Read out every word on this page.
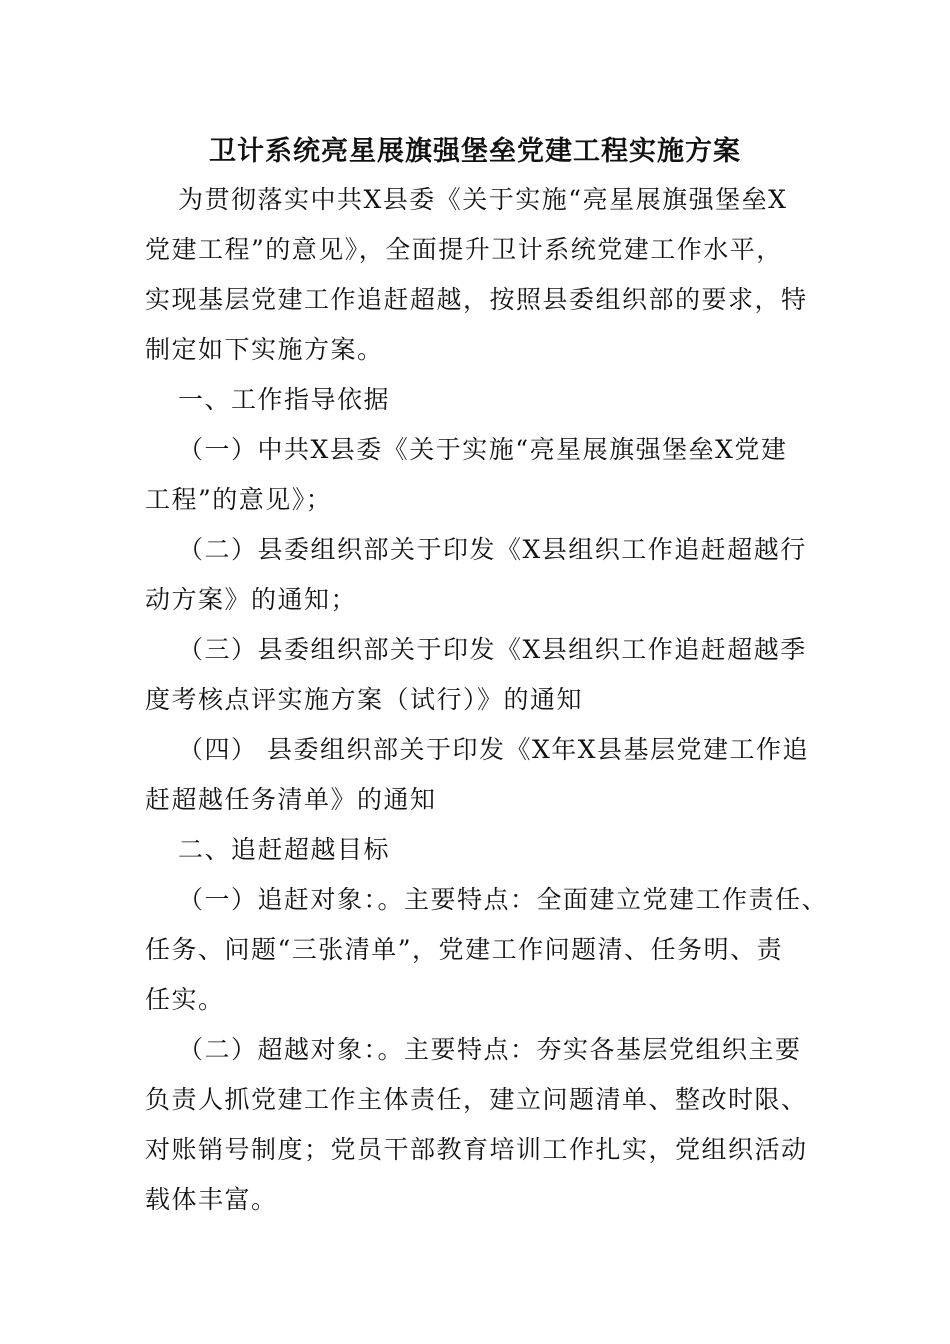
卫计系统亮星展旗强堡垒党建工程实施方案
为贯彻落实中共X县委《关于实施“亮星展旗强堡垒X
党建工程”的意见》，全面提升卫计系统党建工作水平，
实现基层党建工作追赶超越，按照县委组织部的要求，特
制定如下实施方案。
一、工作指导依据
（一）中共X县委《关于实施“亮星展旗强堡垒X党建
工程”的意见》；
（二）县委组织部关于印发《X县组织工作追赶超越行
动方案》的通知；
（三）县委组织部关于印发《X县组织工作追赶超越季
度考核点评实施方案（试行）》的通知
（四） 县委组织部关于印发《X年X县基层党建工作追
赶超越任务清单》的通知
二、追赶超越目标
（一）追赶对象：。主要特点：全面建立党建工作责任、
任务、问题“三张清单”，党建工作问题清、任务明、责
任实。
（二）超越对象：。主要特点：夯实各基层党组织主要
负责人抓党建工作主体责任，建立问题清单、整改时限、
对账销号制度；党员干部教育培训工作扎实，党组织活动
载体丰富。
